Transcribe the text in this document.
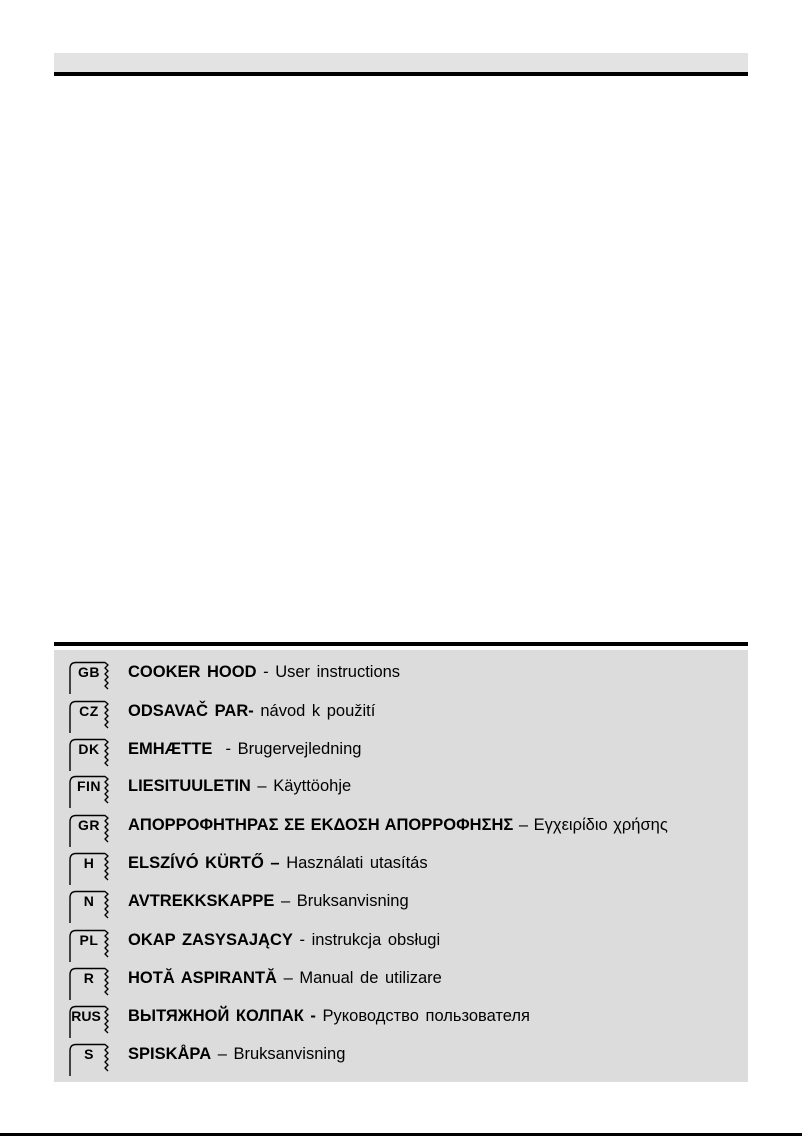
GB	COOKER HOOD - User instructions
CZ	ODSAVAČ PAR- návod k použití
DK	EMHÆTTE  - Brugervejledning
FIN LIESITUULETIN – Käyttöohje
GR	ΑΠΟΡΡΟΦΗΤΗΡΑΣ ΣΕ ΕΚΔΟΣΗ ΑΠΟΡΡΟΦΗΣΗΣ – Εγχειρίδιο χρήσης
H	ELSZÍVÓ KÜRTŐ – Használati utasítás
N	AVTREKKSKAPPE – Bruksanvisning
PL	OKAP ZASYSAJĄCY - instrukcja obsługi
R	HOTĂ ASPIRANTĂ – Manual de utilizare
RUS ВЫТЯЖНОЙ КОЛПАК - Руководство пользователя
S	SPISKÅPA – Bruksanvisning
